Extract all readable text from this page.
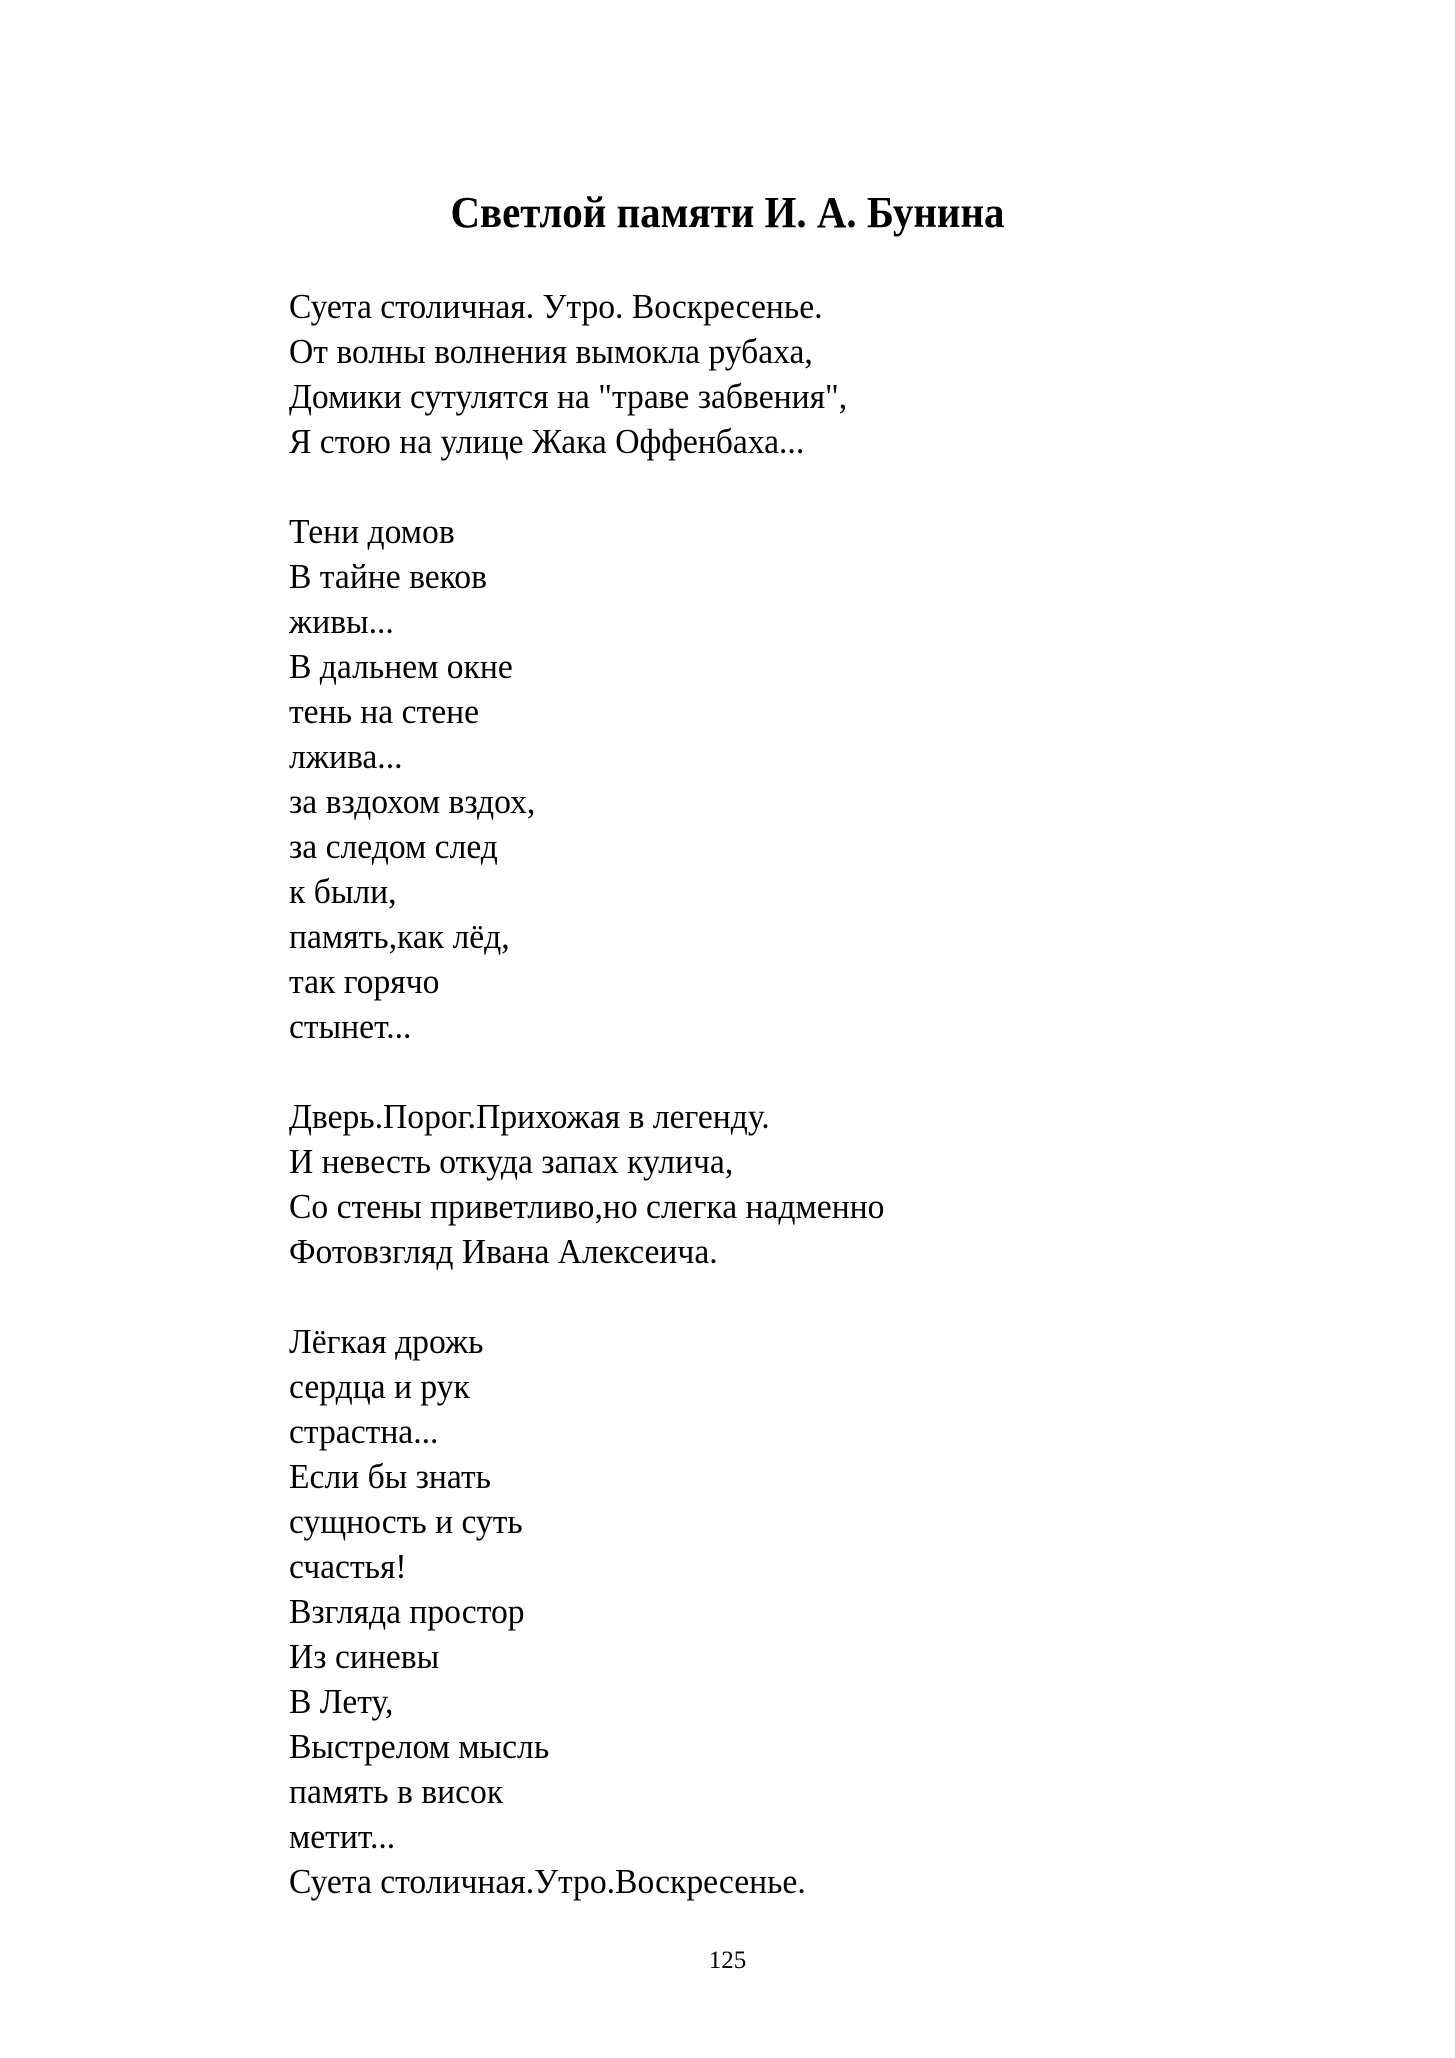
Светлой памяти И. А. Бунина
Суета столичная. Утро. Воскресенье.
От волны волнения вымокла рубаха,
Домики сутулятся на "траве забвения",
Я стою на улице Жака Оффенбаха...
Тени домов
В тайне веков
живы...
В дальнем окне
тень на стене
лжива...
за вздохом вздох,
за следом след
к были,
память,как лёд,
так горячо
стынет...
Дверь.Порог.Прихожая в легенду.
И невесть откуда запах кулича,
Со стены приветливо,но слегка надменно
Фотовзгляд Ивана Алексеича.
Лёгкая дрожь
сердца и рук
страстна...
Если бы знать
сущность и суть
счастья!
Взгляда простор
Из синевы
В Лету,
Выстрелом мысль
память в висок
метит...
Суета столичная.Утро.Воскресенье.
125
